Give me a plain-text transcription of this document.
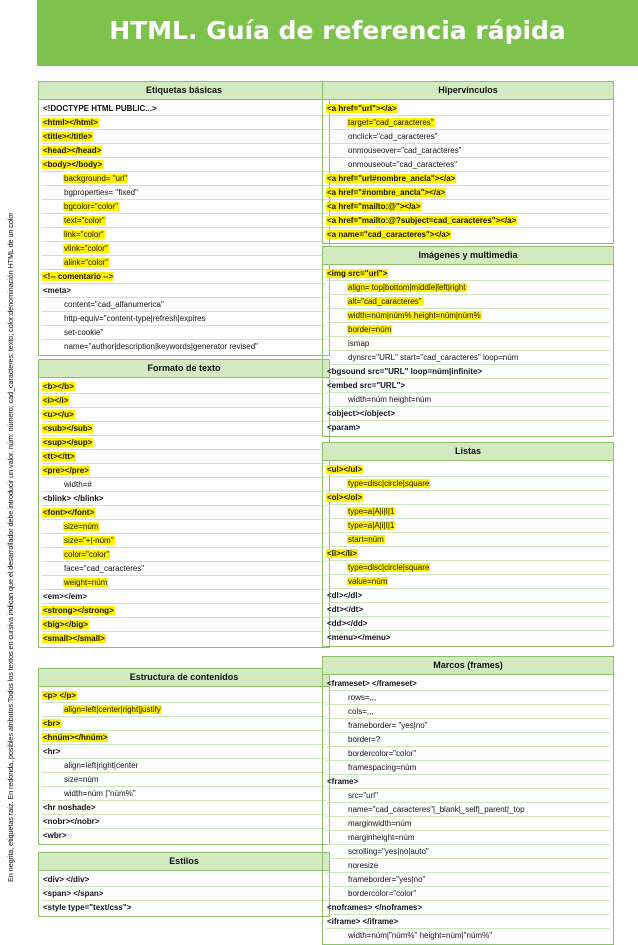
HTML. Guía de referencia rápida
En negrita, etiquetas raíz. En redonda, posibles atributos.Todos los textos en cursiva indican que el desarrollador debe introducir un valor. núm: número; cad_caracteres: texto; color:denominación HTML de un color
Etiquetas básicas
<!DOCTYPE HTML PUBLIC...>
<html></html>
<title></title>
<head></head>
<body></body>
background= "url"
bgproperties= "fixed"
bgcolor="color"
text="color"
link="color"
vlink="color"
alink="color"
<!-- comentario -->
<meta>
content="cad_alfanumerica"
http-equiv="content-type|refresh|expires
set-cookie"
name="author|description|keywords|generator revised"
Formato de texto
<b></b>
<i></i>
<u></u>
<sub></sub>
<sup></sup>
<tt></tt>
<pre></pre>
width=#
<blink> </blink>
<font></font>
size=núm
size="+|-núm"
color="color"
face="cad_caracteres"
weight=núm
<em></em>
<strong></strong>
<big></big>
<small></small>
Estructura de contenidos
<p> </p>
align=left|center|right|justify
<br>
<hnúm></hnúm>
<hr>
align=left|right|center
size=núm
width=núm |"núm%"
<hr noshade>
<nobr></nobr>
<wbr>
Estilos
<div> </div>
<span> </span>
<style type="text/css">
Hipervínculos
<a href="url"></a>
target="cad_caracteres"
onclick="cad_caracteres"
onmouseover="cad_caracteres"
onmouseout="cad_caracteres"
<a href="url#nombre_ancla"></a>
<a href="#nombre_ancla"></a>
<a href="mailto:@"></a>
<a href="mailto:@?subject=cad_caracteres"></a>
<a name="cad_caracteres"></a>
Imágenes y multimedia
<img src="url">
align= top|bottom|middle|left|right
alt="cad_caracteres"
width=núm|núm% height=núm|núm%
border=núm
ismap
dynsrc="URL" start="cad_caracteres" loop=núm
<bgsound src="URL" loop=núm|infinite>
<embed src="URL">
width=núm height=núm
<object></object>
<param>
Listas
<ul></ul>
type=disc|circle|square
<ol></ol>
type=a|A|i|I|1
type=a|A|i|I|1
start=núm
<li></li>
type=disc|circle|square
value=núm
<dl></dl>
<dt></dt>
<dd></dd>
<menu></menu>
Marcos (frames)
<frameset> </frameset>
rows=,,,
cols=,,,
frameborder= "yes|no"
border=?
bordercolor="color"
framespacing=núm
<frame>
src="url"
name="cad_caracteres"|_blank|_self|_parent|_top
marginwidth=núm
marginheight=núm
scrolling="yes|no|auto"
noresize
frameborder="yes|no"
bordercolor="color"
<noframes> </noframes>
<iframe> </iframe>
width=núm|"núm%" height=núm|"núm%"
